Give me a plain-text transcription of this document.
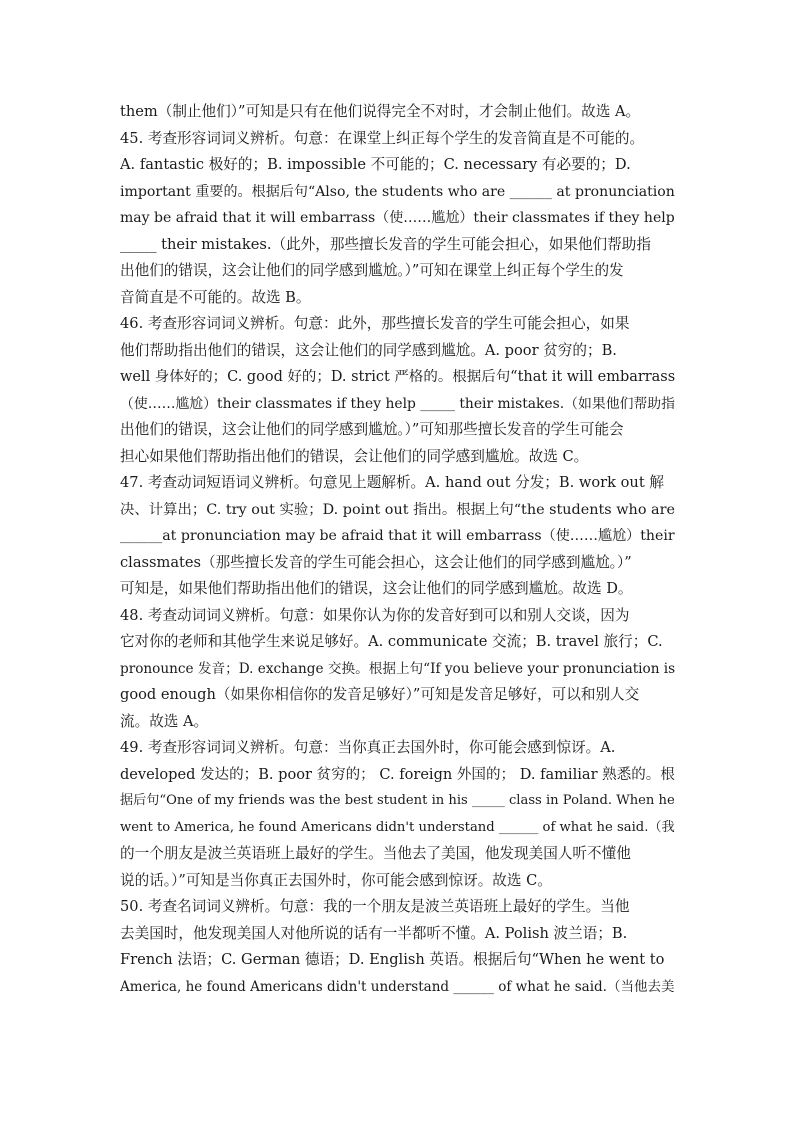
them（制止他们）”可知是只有在他们说得完全不对时，才会制止他们。故选 A。
45. 考查形容词词义辨析。句意：在课堂上纠正每个学生的发音简直是不可能的。
A. fantastic 极好的；B. impossible 不可能的；C. necessary 有必要的；D.
important 重要的。根据后句“Also, the students who are ______ at pronunciation
may be afraid that it will embarrass（使……尴尬）their classmates if they help
_____ their mistakes.（此外，那些擅长发音的学生可能会担心，如果他们帮助指
出他们的错误，这会让他们的同学感到尴尬。）”可知在课堂上纠正每个学生的发
音简直是不可能的。故选 B。
46. 考查形容词词义辨析。句意：此外，那些擅长发音的学生可能会担心，如果
他们帮助指出他们的错误，这会让他们的同学感到尴尬。A. poor 贫穷的；B.
well 身体好的；C. good 好的；D. strict 严格的。根据后句“that it will embarrass
（使……尴尬）their classmates if they help _____ their mistakes.（如果他们帮助指
出他们的错误，这会让他们的同学感到尴尬。）”可知那些擅长发音的学生可能会
担心如果他们帮助指出他们的错误，会让他们的同学感到尴尬。故选 C。
47. 考查动词短语词义辨析。句意见上题解析。A. hand out 分发；B. work out 解
决、计算出；C. try out 实验；D. point out 指出。根据上句“the students who are
______at pronunciation may be afraid that it will embarrass（使……尴尬）their
classmates（那些擅长发音的学生可能会担心，这会让他们的同学感到尴尬。）”
可知是，如果他们帮助指出他们的错误，这会让他们的同学感到尴尬。故选 D。
48. 考查动词词义辨析。句意：如果你认为你的发音好到可以和别人交谈，因为
它对你的老师和其他学生来说足够好。A. communicate 交流；B. travel 旅行；C.
pronounce 发音；D. exchange 交换。根据上句“If you believe your pronunciation is
good enough（如果你相信你的发音足够好）”可知是发音足够好，可以和别人交
流。故选 A。
49. 考查形容词词义辨析。句意：当你真正去国外时，你可能会感到惊讶。A.
developed 发达的；B. poor 贫穷的； C. foreign 外国的； D. familiar 熟悉的。根
据后句“One of my friends was the best student in his _____ class in Poland. When he
went to America, he found Americans didn't understand ______ of what he said.（我
的一个朋友是波兰英语班上最好的学生。当他去了美国，他发现美国人听不懂他
说的话。）”可知是当你真正去国外时，你可能会感到惊讶。故选 C。
50. 考查名词词义辨析。句意：我的一个朋友是波兰英语班上最好的学生。当他
去美国时，他发现美国人对他所说的话有一半都听不懂。A. Polish 波兰语；B.
French 法语；C. German 德语；D. English 英语。根据后句“When he went to
America, he found Americans didn't understand ______ of what he said.（当他去美
